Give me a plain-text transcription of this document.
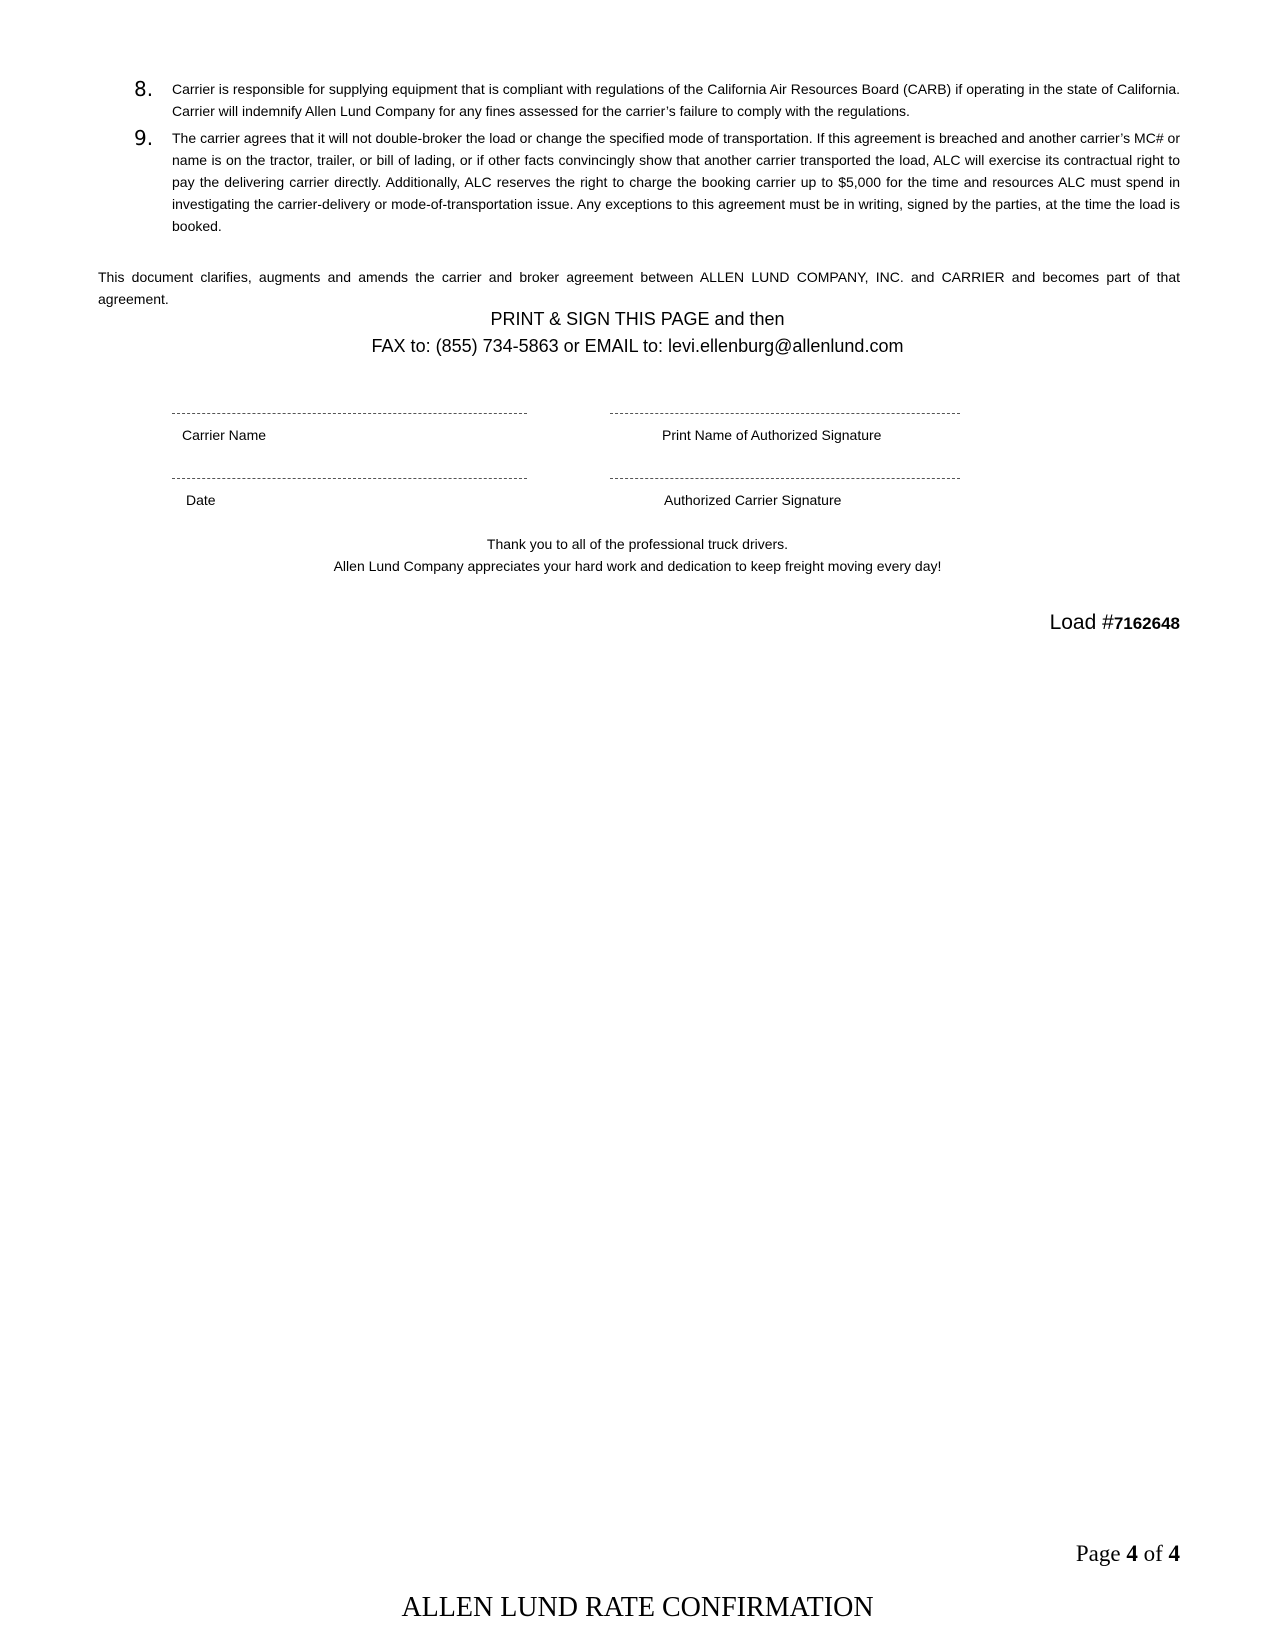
8. Carrier is responsible for supplying equipment that is compliant with regulations of the California Air Resources Board (CARB) if operating in the state of California. Carrier will indemnify Allen Lund Company for any fines assessed for the carrier’s failure to comply with the regulations.
9. The carrier agrees that it will not double-broker the load or change the specified mode of transportation. If this agreement is breached and another carrier’s MC# or name is on the tractor, trailer, or bill of lading, or if other facts convincingly show that another carrier transported the load, ALC will exercise its contractual right to pay the delivering carrier directly. Additionally, ALC reserves the right to charge the booking carrier up to $5,000 for the time and resources ALC must spend in investigating the carrier-delivery or mode-of-transportation issue. Any exceptions to this agreement must be in writing, signed by the parties, at the time the load is booked.
This document clarifies, augments and amends the carrier and broker agreement between ALLEN LUND COMPANY, INC. and CARRIER and becomes part of that agreement.
PRINT & SIGN THIS PAGE and then
FAX to: (855) 734-5863 or EMAIL to: levi.ellenburg@allenlund.com
Carrier Name	Print Name of Authorized Signature
Date	Authorized Carrier Signature
Thank you to all of the professional truck drivers.
Allen Lund Company appreciates your hard work and dedication to keep freight moving every day!
Load #7162648
Page 4 of 4
ALLEN LUND RATE CONFIRMATION
